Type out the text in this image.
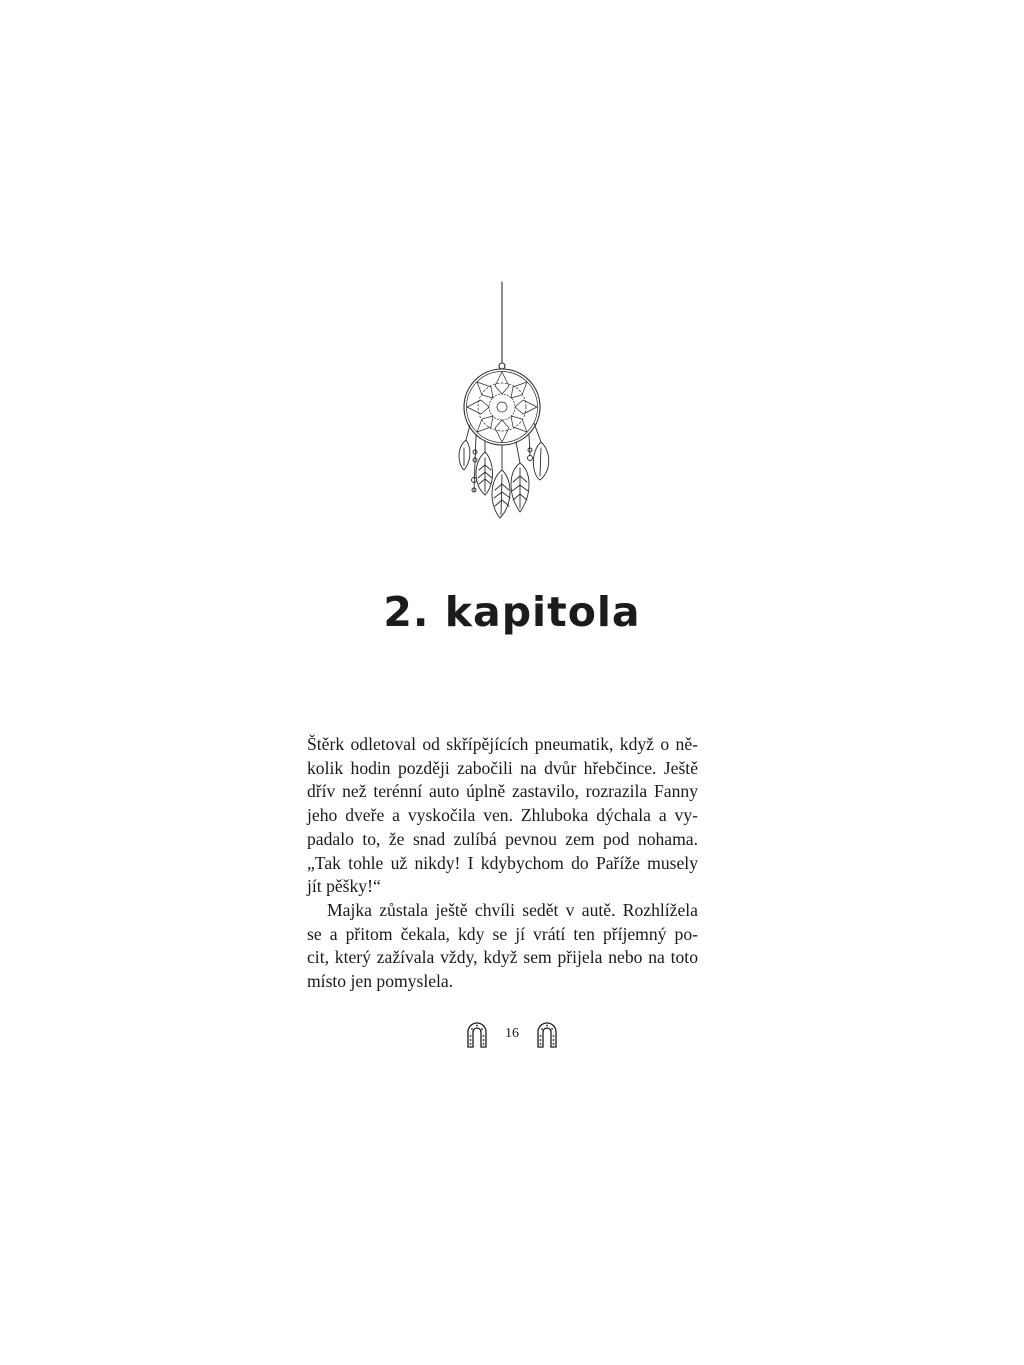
2. kapitola
Štěrk odletoval od skřípějících pneumatik, když o ně-
kolik hodin později zabočili na dvůr hřebčince. Ještě
dřív než terénní auto úplně zastavilo, rozrazila Fanny
jeho dveře a vyskočila ven. Zhluboka dýchala a vy-
padalo to, že snad zulíbá pevnou zem pod nohama.
„Tak tohle už nikdy! I kdybychom do Paříže musely
jít pěšky!“
Majka zůstala ještě chvíli sedět v autě. Rozhlížela
se a přitom čekala, kdy se jí vrátí ten příjemný po-
cit, který zažívala vždy, když sem přijela nebo na toto
místo jen pomyslela.
16
